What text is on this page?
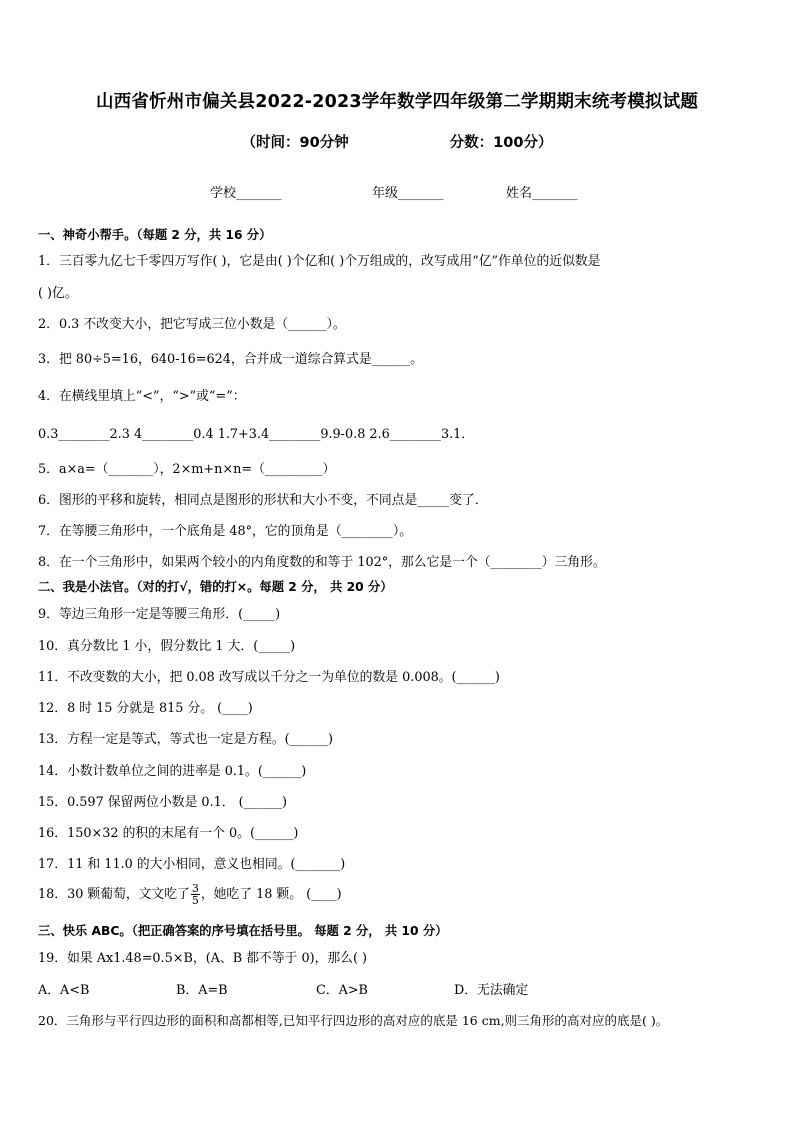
山西省忻州市偏关县2022-2023学年数学四年级第二学期期末统考模拟试题
（时间：90分钟                    分数：100分）
学校_______	年级_______	姓名_______
一、神奇小帮手。（每题 2 分，共 16 分）
1．三百零九亿七千零四万写作( )，它是由( )个亿和( )个万组成的，改写成用“亿”作单位的近似数是
( )亿。
2．0.3 不改变大小，把它写成三位小数是（______）。
3．把 80÷5=16，640-16=624，合并成一道综合算式是______。
4．在横线里填上“<”，“>”或“=”：
0.3________2.3 4________0.4 1.7+3.4________9.9-0.8 2.6________3.1．
5．a×a=（_______），2×m+n×n=（_________）
6．图形的平移和旋转，相同点是图形的形状和大小不变，不同点是_____变了．
7．在等腰三角形中，一个底角是 48°，它的顶角是（________）。
8．在一个三角形中，如果两个较小的内角度数的和等于 102°，那么它是一个（________）三角形。
二、我是小法官。（对的打√，错的打×。每题 2 分， 共 20 分）
9．等边三角形一定是等腰三角形．(_____)
10．真分数比 1 小，假分数比 1 大．(_____)
11．不改变数的大小，把 0.08 改写成以千分之一为单位的数是 0.008。(______)
12．8 时 15 分就是 815 分。 (____)
13．方程一定是等式，等式也一定是方程。(______)
14．小数计数单位之间的进率是 0.1。(______)
15．0.597 保留两位小数是 0.1． (______)
16．150×32 的积的末尾有一个 0。(______)
17．11 和 11.0 的大小相同，意义也相同。(_______)
18．30 颗葡萄，文文吃了 $\frac{3}{5}$ ，她吃了 18 颗。 (____)
三、快乐 ABC。（把正确答案的序号填在括号里。 每题 2 分， 共 10 分）
19．如果 Ax1.48=0.5×B，(A、B 都不等于 0)，那么( )
A．A<B	B．A=B	C．A>B	D．无法确定
20．三角形与平行四边形的面积和高都相等,已知平行四边形的高对应的底是 16 cm,则三角形的高对应的底是( )。
